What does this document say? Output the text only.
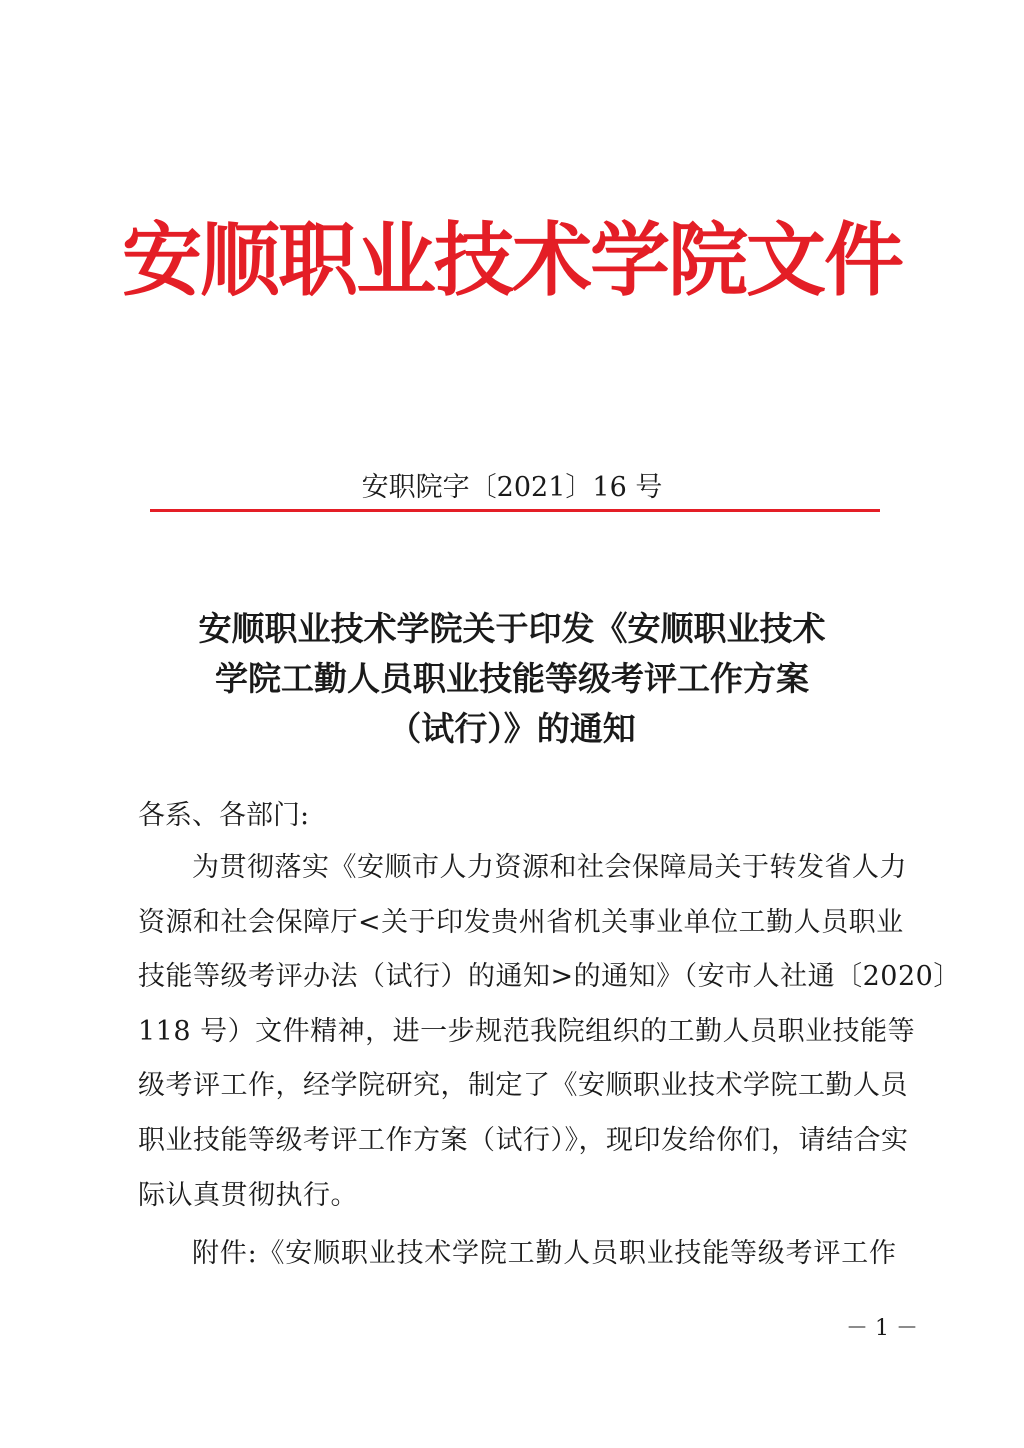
安顺职业技术学院文件
安职院字〔2021〕16 号
安顺职业技术学院关于印发《安顺职业技术
学院工勤人员职业技能等级考评工作方案
（试行）》的通知
各系、各部门:
为贯彻落实《安顺市人力资源和社会保障局关于转发省人力
资源和社会保障厅<关于印发贵州省机关事业单位工勤人员职业
技能等级考评办法（试行）的通知>的通知》（安市人社通〔2020〕
118 号）文件精神，进一步规范我院组织的工勤人员职业技能等
级考评工作，经学院研究，制定了《安顺职业技术学院工勤人员
职业技能等级考评工作方案（试行）》，现印发给你们，请结合实
际认真贯彻执行。
附件:《安顺职业技术学院工勤人员职业技能等级考评工作
－ 1 －
